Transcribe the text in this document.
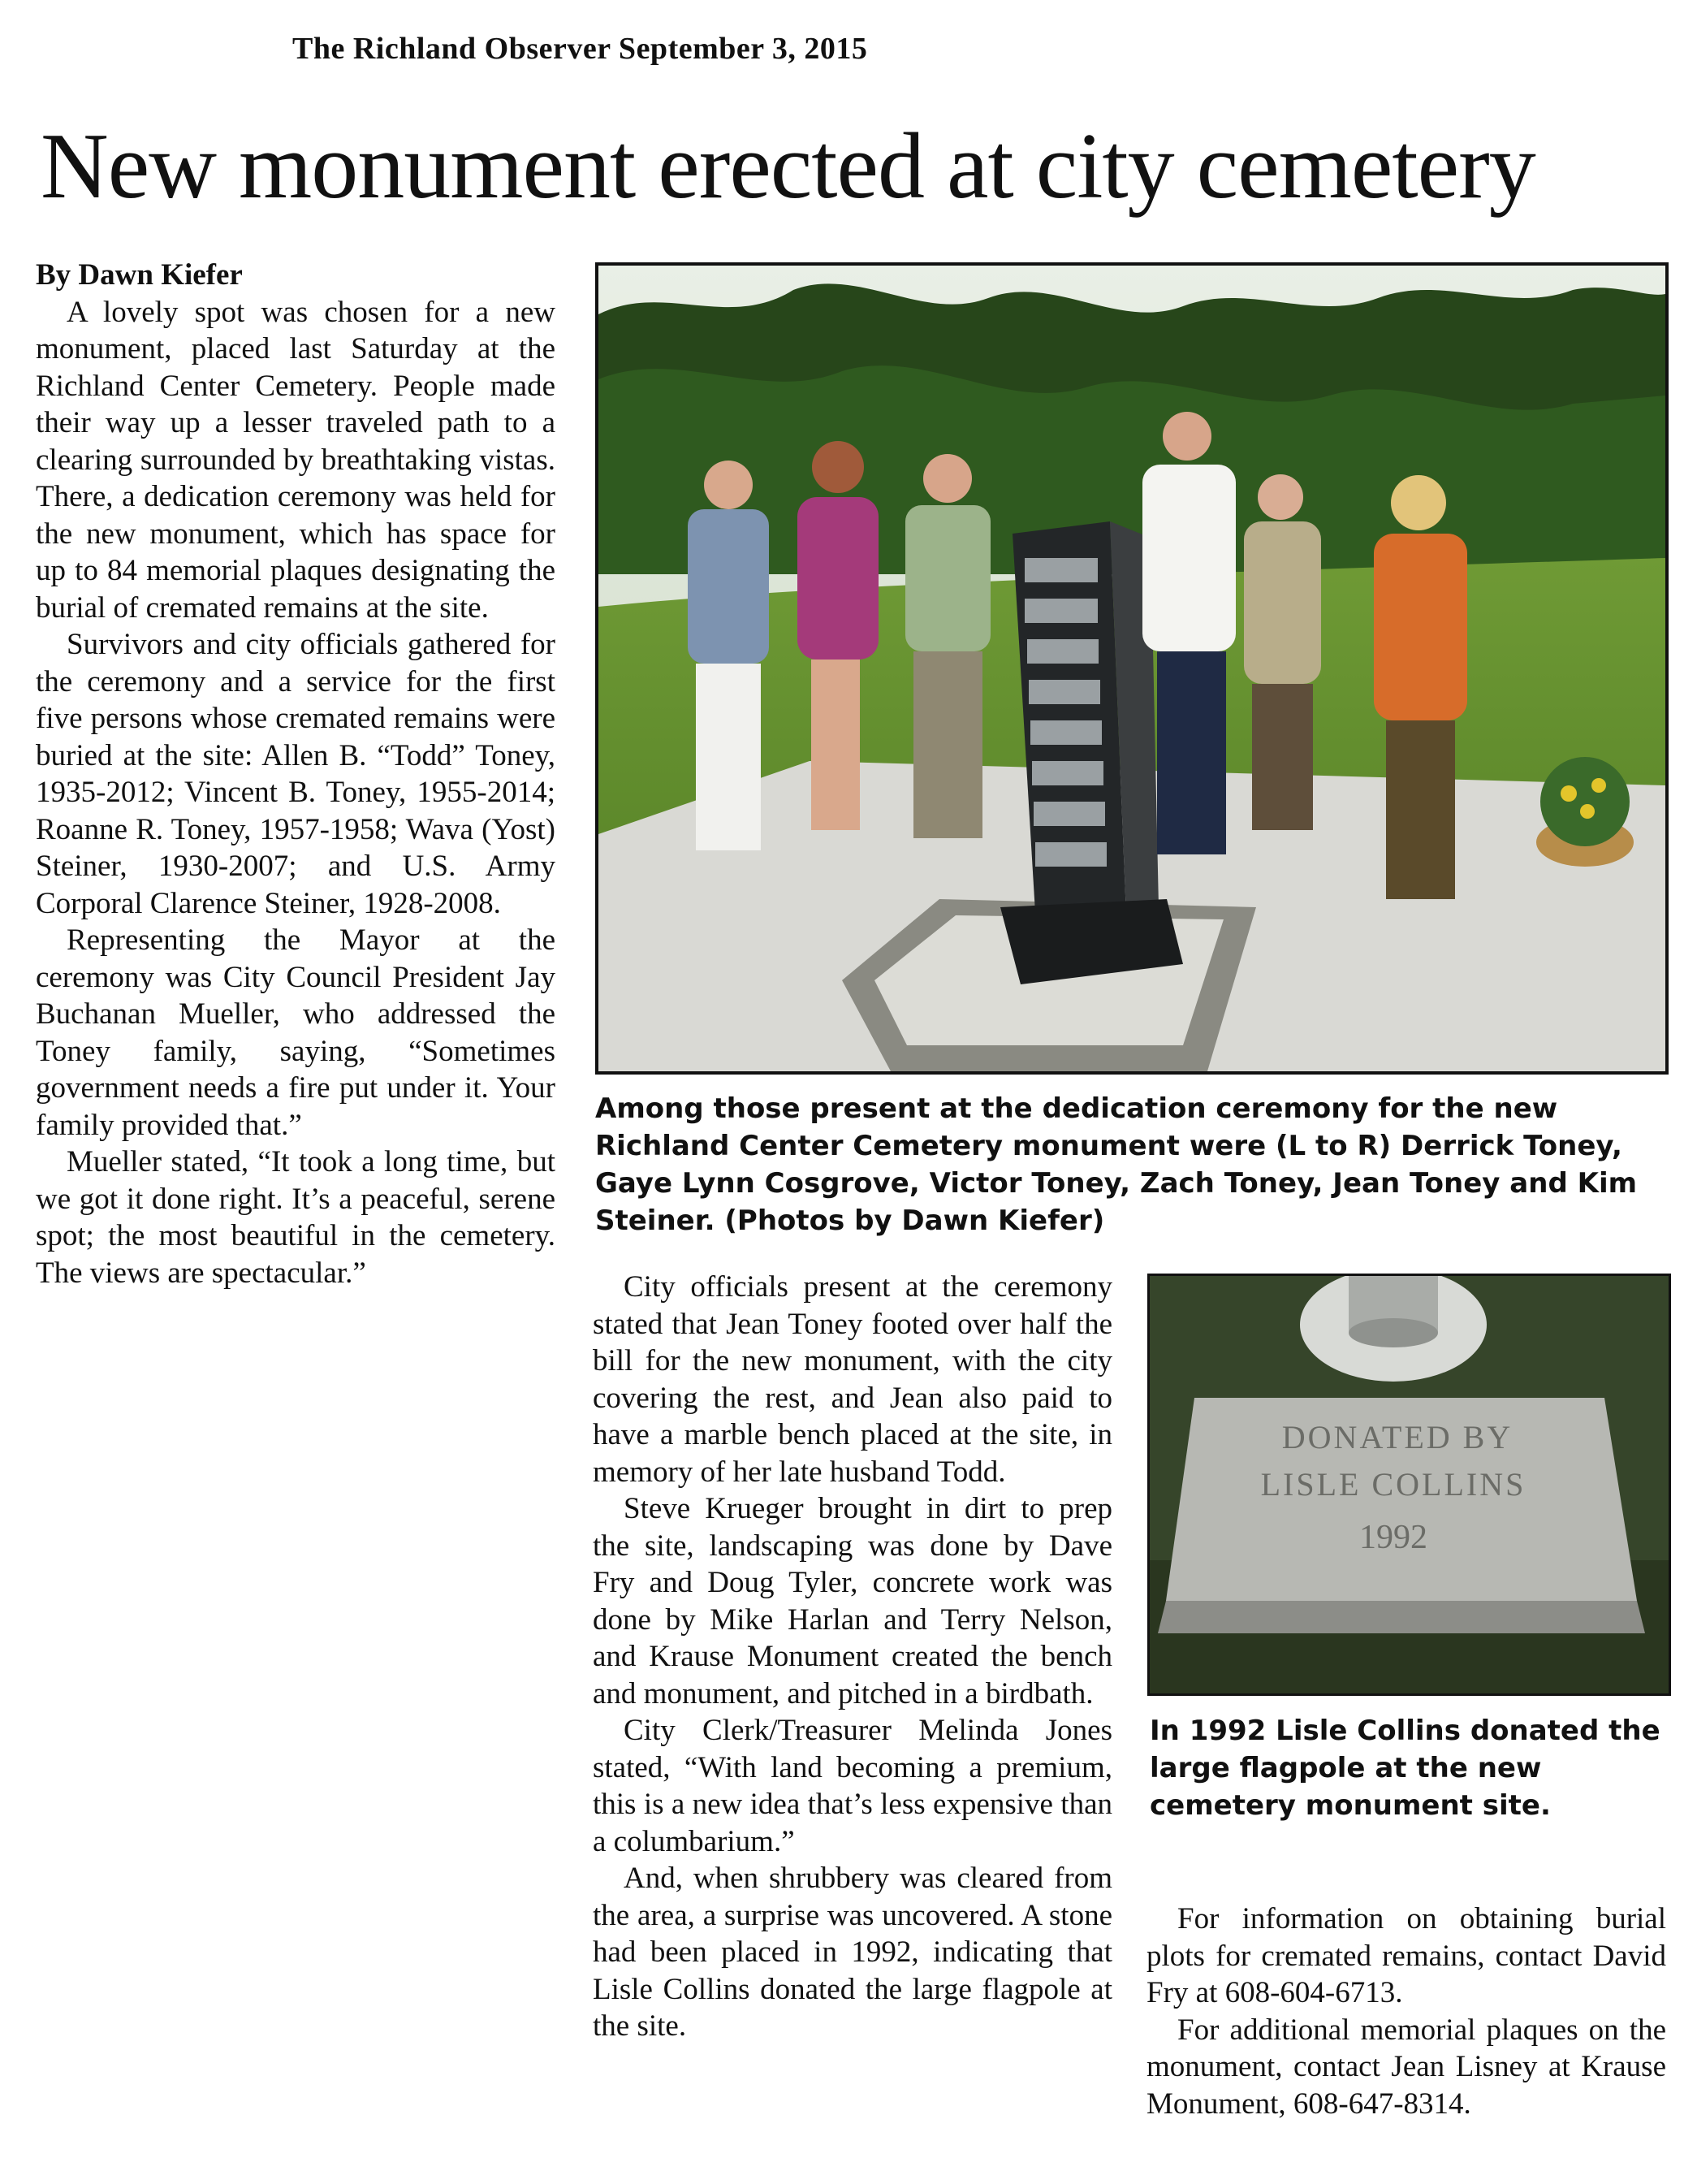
The Richland Observer September 3, 2015
New monument erected at city cemetery

By Dawn Kiefer

A lovely spot was chosen for a new monument, placed last Saturday at the Richland Center Cemetery. People made their way up a lesser traveled path to a clearing surrounded by breathtaking vistas. There, a dedication ceremony was held for the new monument, which has space for up to 84 memorial plaques designating the burial of cremated remains at the site.

Survivors and city officials gathered for the ceremony and a service for the first five persons whose cremated remains were buried at the site: Allen B. “Todd” Toney, 1935-2012; Vincent B. Toney, 1955-2014; Roanne R. Toney, 1957-1958; Wava (Yost) Steiner, 1930-2007; and U.S. Army Corporal Clarence Steiner, 1928-2008.

Representing the Mayor at the ceremony was City Council President Jay Buchanan Mueller, who addressed the Toney family, saying, “Sometimes government needs a fire put under it. Your family provided that.”

Mueller stated, “It took a long time, but we got it done right. It’s a peaceful, serene spot; the most beautiful in the cemetery. The views are spectacular.”

Among those present at the dedication ceremony for the new Richland Center Cemetery monument were (L to R) Derrick Toney, Gaye Lynn Cosgrove, Victor Toney, Zach Toney, Jean Toney and Kim Steiner. (Photos by Dawn Kiefer)

City officials present at the ceremony stated that Jean Toney footed over half the bill for the new monument, with the city covering the rest, and Jean also paid to have a marble bench placed at the site, in memory of her late husband Todd.

Steve Krueger brought in dirt to prep the site, landscaping was done by Dave Fry and Doug Tyler, concrete work was done by Mike Harlan and Terry Nelson, and Krause Monument created the bench and monument, and pitched in a birdbath.

City Clerk/Treasurer Melinda Jones stated, “With land becoming a premium, this is a new idea that’s less expensive than a columbarium.”

And, when shrubbery was cleared from the area, a surprise was uncovered. A stone had been placed in 1992, indicating that Lisle Collins donated the large flagpole at the site.

DONATED BY
LISLE COLLINS
1992
In 1992 Lisle Collins donated the large flagpole at the new cemetery monument site.

For information on obtaining burial plots for cremated remains, contact David Fry at 608-604-6713.

For additional memorial plaques on the monument, contact Jean Lisney at Krause Monument, 608-647-8314.
